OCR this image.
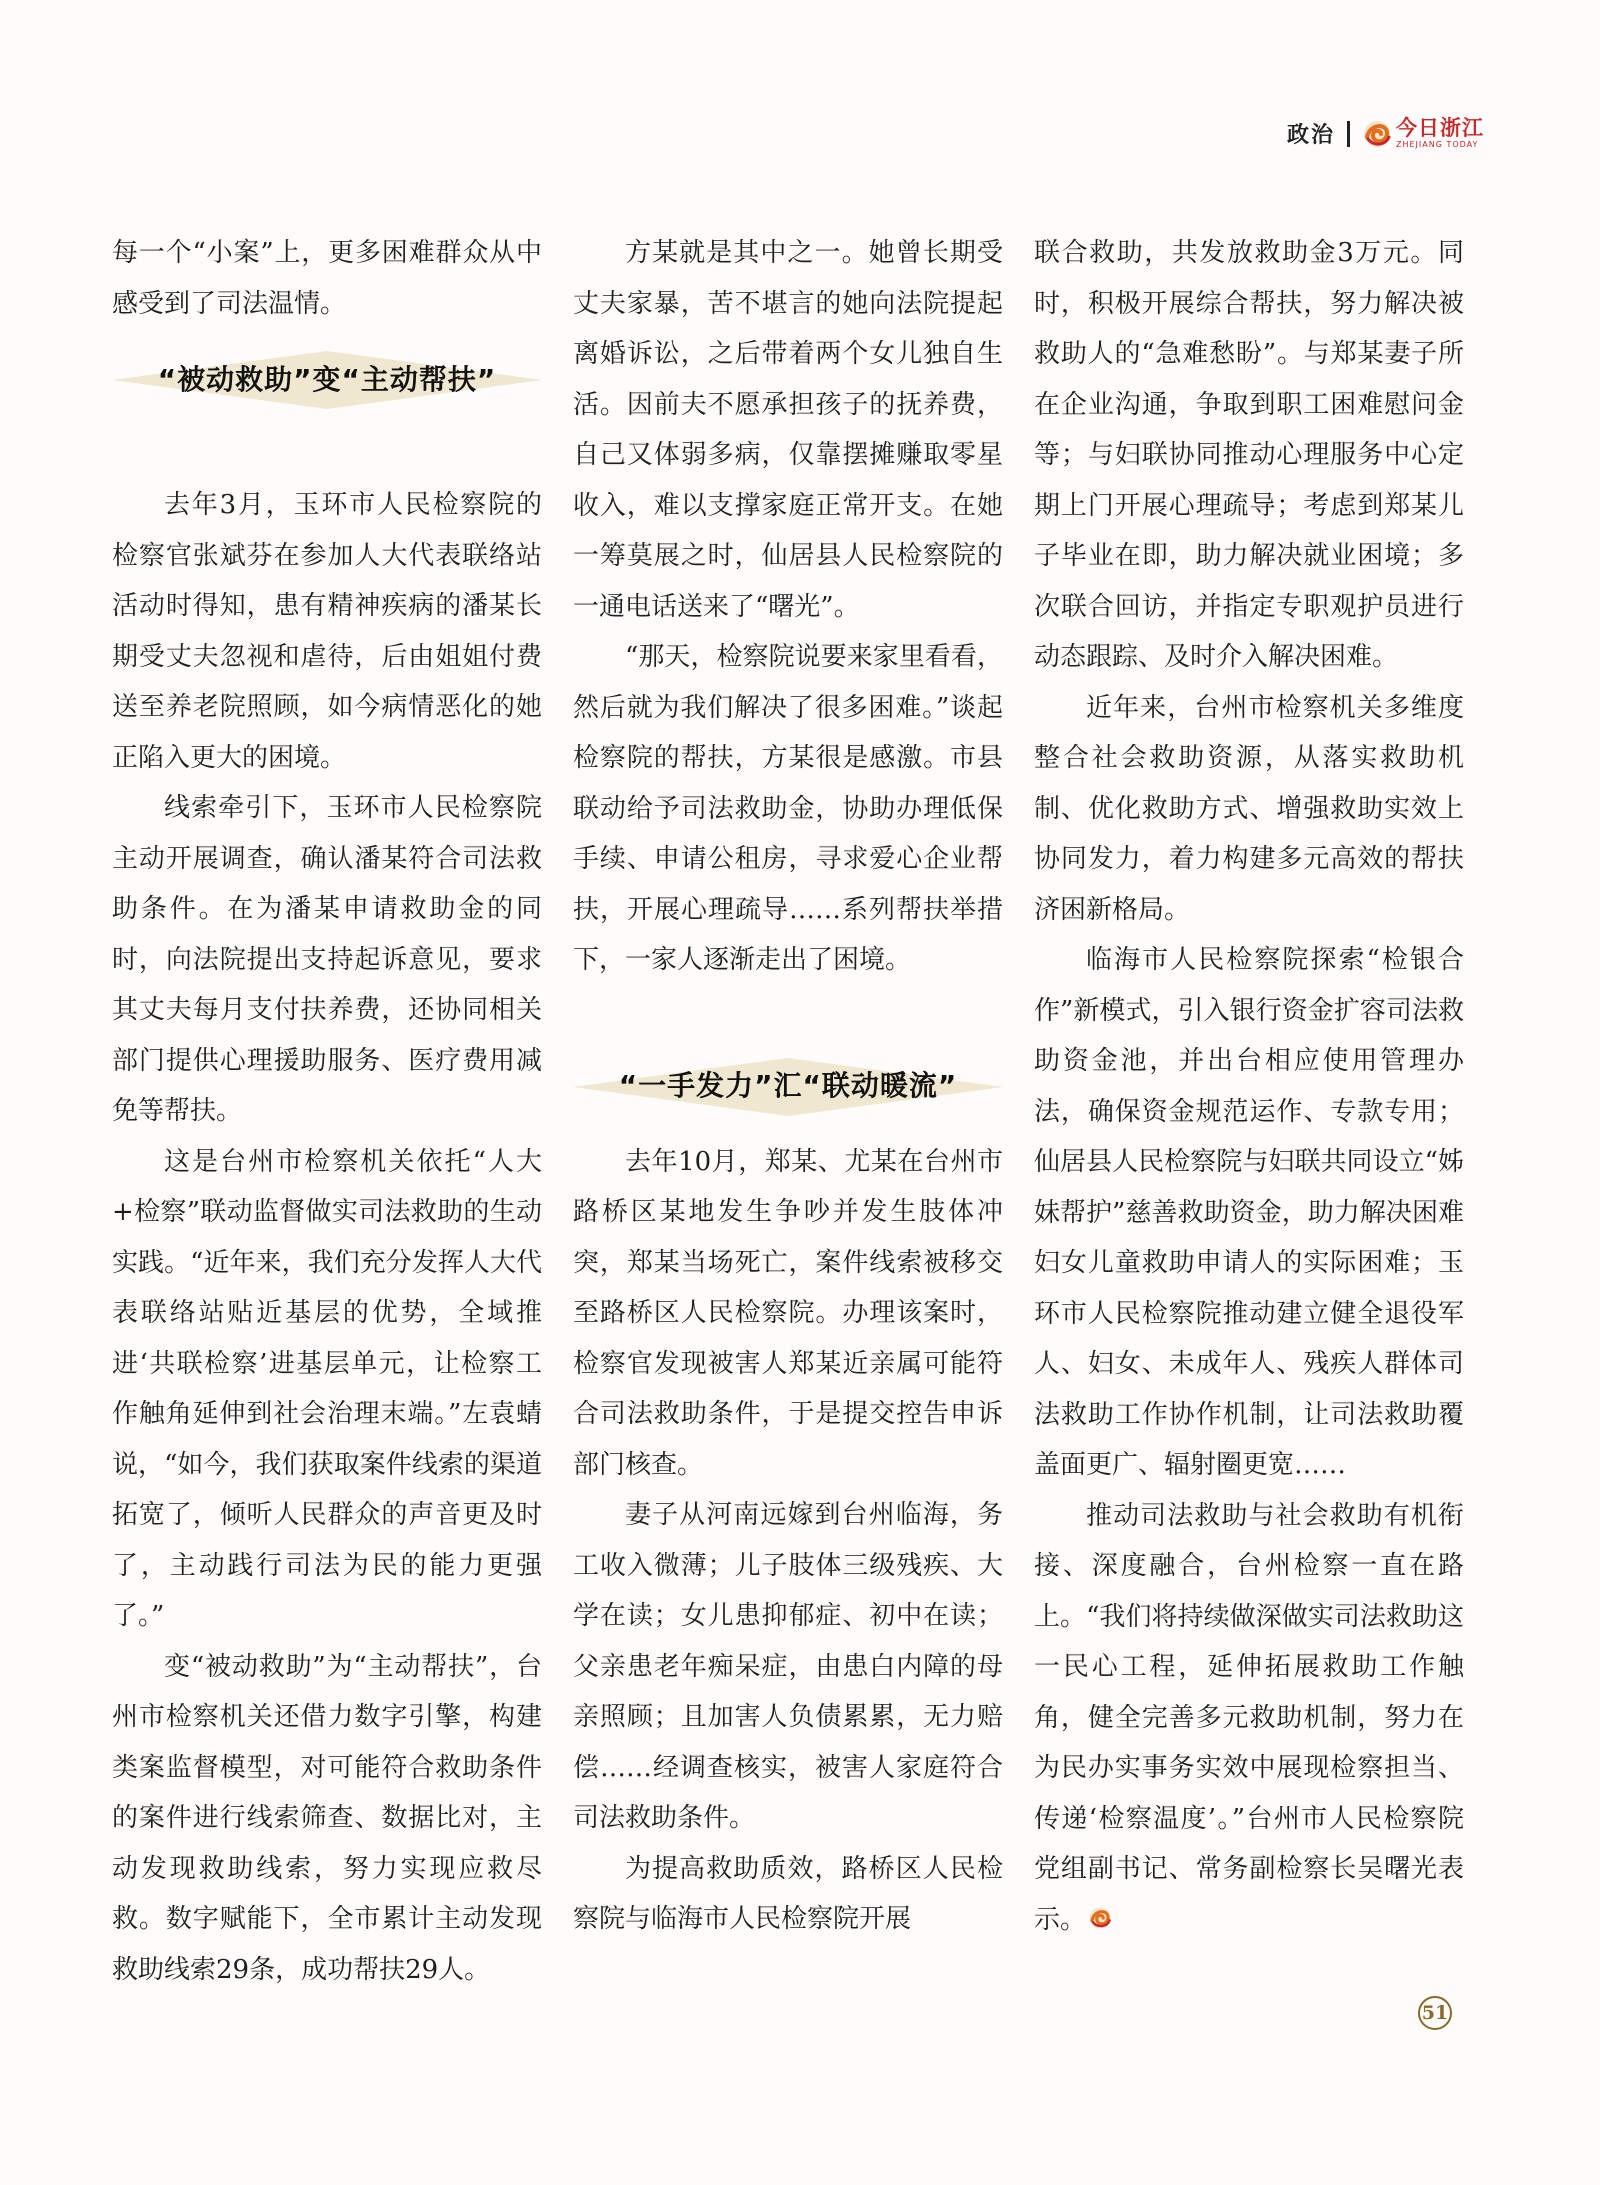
政治	今日浙江
ZHEJIANG TODAY

每一个“小案”上，更多困难群众从中感受到了司法温情。

“被动救助”变“主动帮扶”

去年3月，玉环市人民检察院的检察官张斌芬在参加人大代表联络站活动时得知，患有精神疾病的潘某长期受丈夫忽视和虐待，后由姐姐付费送至养老院照顾，如今病情恶化的她正陷入更大的困境。

线索牵引下，玉环市人民检察院主动开展调查，确认潘某符合司法救助条件。在为潘某申请救助金的同时，向法院提出支持起诉意见，要求其丈夫每月支付扶养费，还协同相关部门提供心理援助服务、医疗费用减免等帮扶。

这是台州市检察机关依托“人大+检察”联动监督做实司法救助的生动实践。“近年来，我们充分发挥人大代表联络站贴近基层的优势，全域推进‘共联检察’进基层单元，让检察工作触角延伸到社会治理末端。”左袁蜻说，“如今，我们获取案件线索的渠道拓宽了，倾听人民群众的声音更及时了，主动践行司法为民的能力更强了。”

变“被动救助”为“主动帮扶”，台州市检察机关还借力数字引擎，构建类案监督模型，对可能符合救助条件的案件进行线索筛查、数据比对，主动发现救助线索，努力实现应救尽救。数字赋能下，全市累计主动发现救助线索29条，成功帮扶29人。

方某就是其中之一。她曾长期受丈夫家暴，苦不堪言的她向法院提起离婚诉讼，之后带着两个女儿独自生活。因前夫不愿承担孩子的抚养费，自己又体弱多病，仅靠摆摊赚取零星收入，难以支撑家庭正常开支。在她一筹莫展之时，仙居县人民检察院的一通电话送来了“曙光”。

“那天，检察院说要来家里看看，然后就为我们解决了很多困难。”谈起检察院的帮扶，方某很是感激。市县联动给予司法救助金，协助办理低保手续、申请公租房，寻求爱心企业帮扶，开展心理疏导……系列帮扶举措下，一家人逐渐走出了困境。

“一手发力”汇“联动暖流”

去年10月，郑某、尤某在台州市路桥区某地发生争吵并发生肢体冲突，郑某当场死亡，案件线索被移交至路桥区人民检察院。办理该案时，检察官发现被害人郑某近亲属可能符合司法救助条件，于是提交控告申诉部门核查。

妻子从河南远嫁到台州临海，务工收入微薄；儿子肢体三级残疾、大学在读；女儿患抑郁症、初中在读；父亲患老年痴呆症，由患白内障的母亲照顾；且加害人负债累累，无力赔偿……经调查核实，被害人家庭符合司法救助条件。

为提高救助质效，路桥区人民检察院与临海市人民检察院开展

联合救助，共发放救助金3万元。同时，积极开展综合帮扶，努力解决被救助人的“急难愁盼”。与郑某妻子所在企业沟通，争取到职工困难慰问金等；与妇联协同推动心理服务中心定期上门开展心理疏导；考虑到郑某儿子毕业在即，助力解决就业困境；多次联合回访，并指定专职观护员进行动态跟踪、及时介入解决困难。

近年来，台州市检察机关多维度整合社会救助资源，从落实救助机制、优化救助方式、增强救助实效上协同发力，着力构建多元高效的帮扶济困新格局。

临海市人民检察院探索“检银合作”新模式，引入银行资金扩容司法救助资金池，并出台相应使用管理办法，确保资金规范运作、专款专用；仙居县人民检察院与妇联共同设立“姊妹帮护”慈善救助资金，助力解决困难妇女儿童救助申请人的实际困难；玉环市人民检察院推动建立健全退役军人、妇女、未成年人、残疾人群体司法救助工作协作机制，让司法救助覆盖面更广、辐射圈更宽……

推动司法救助与社会救助有机衔接、深度融合，台州检察一直在路上。“我们将持续做深做实司法救助这一民心工程，延伸拓展救助工作触角，健全完善多元救助机制，努力在为民办实事务实效中展现检察担当、传递‘检察温度’。”台州市人民检察院党组副书记、常务副检察长吴曙光表示。

51
